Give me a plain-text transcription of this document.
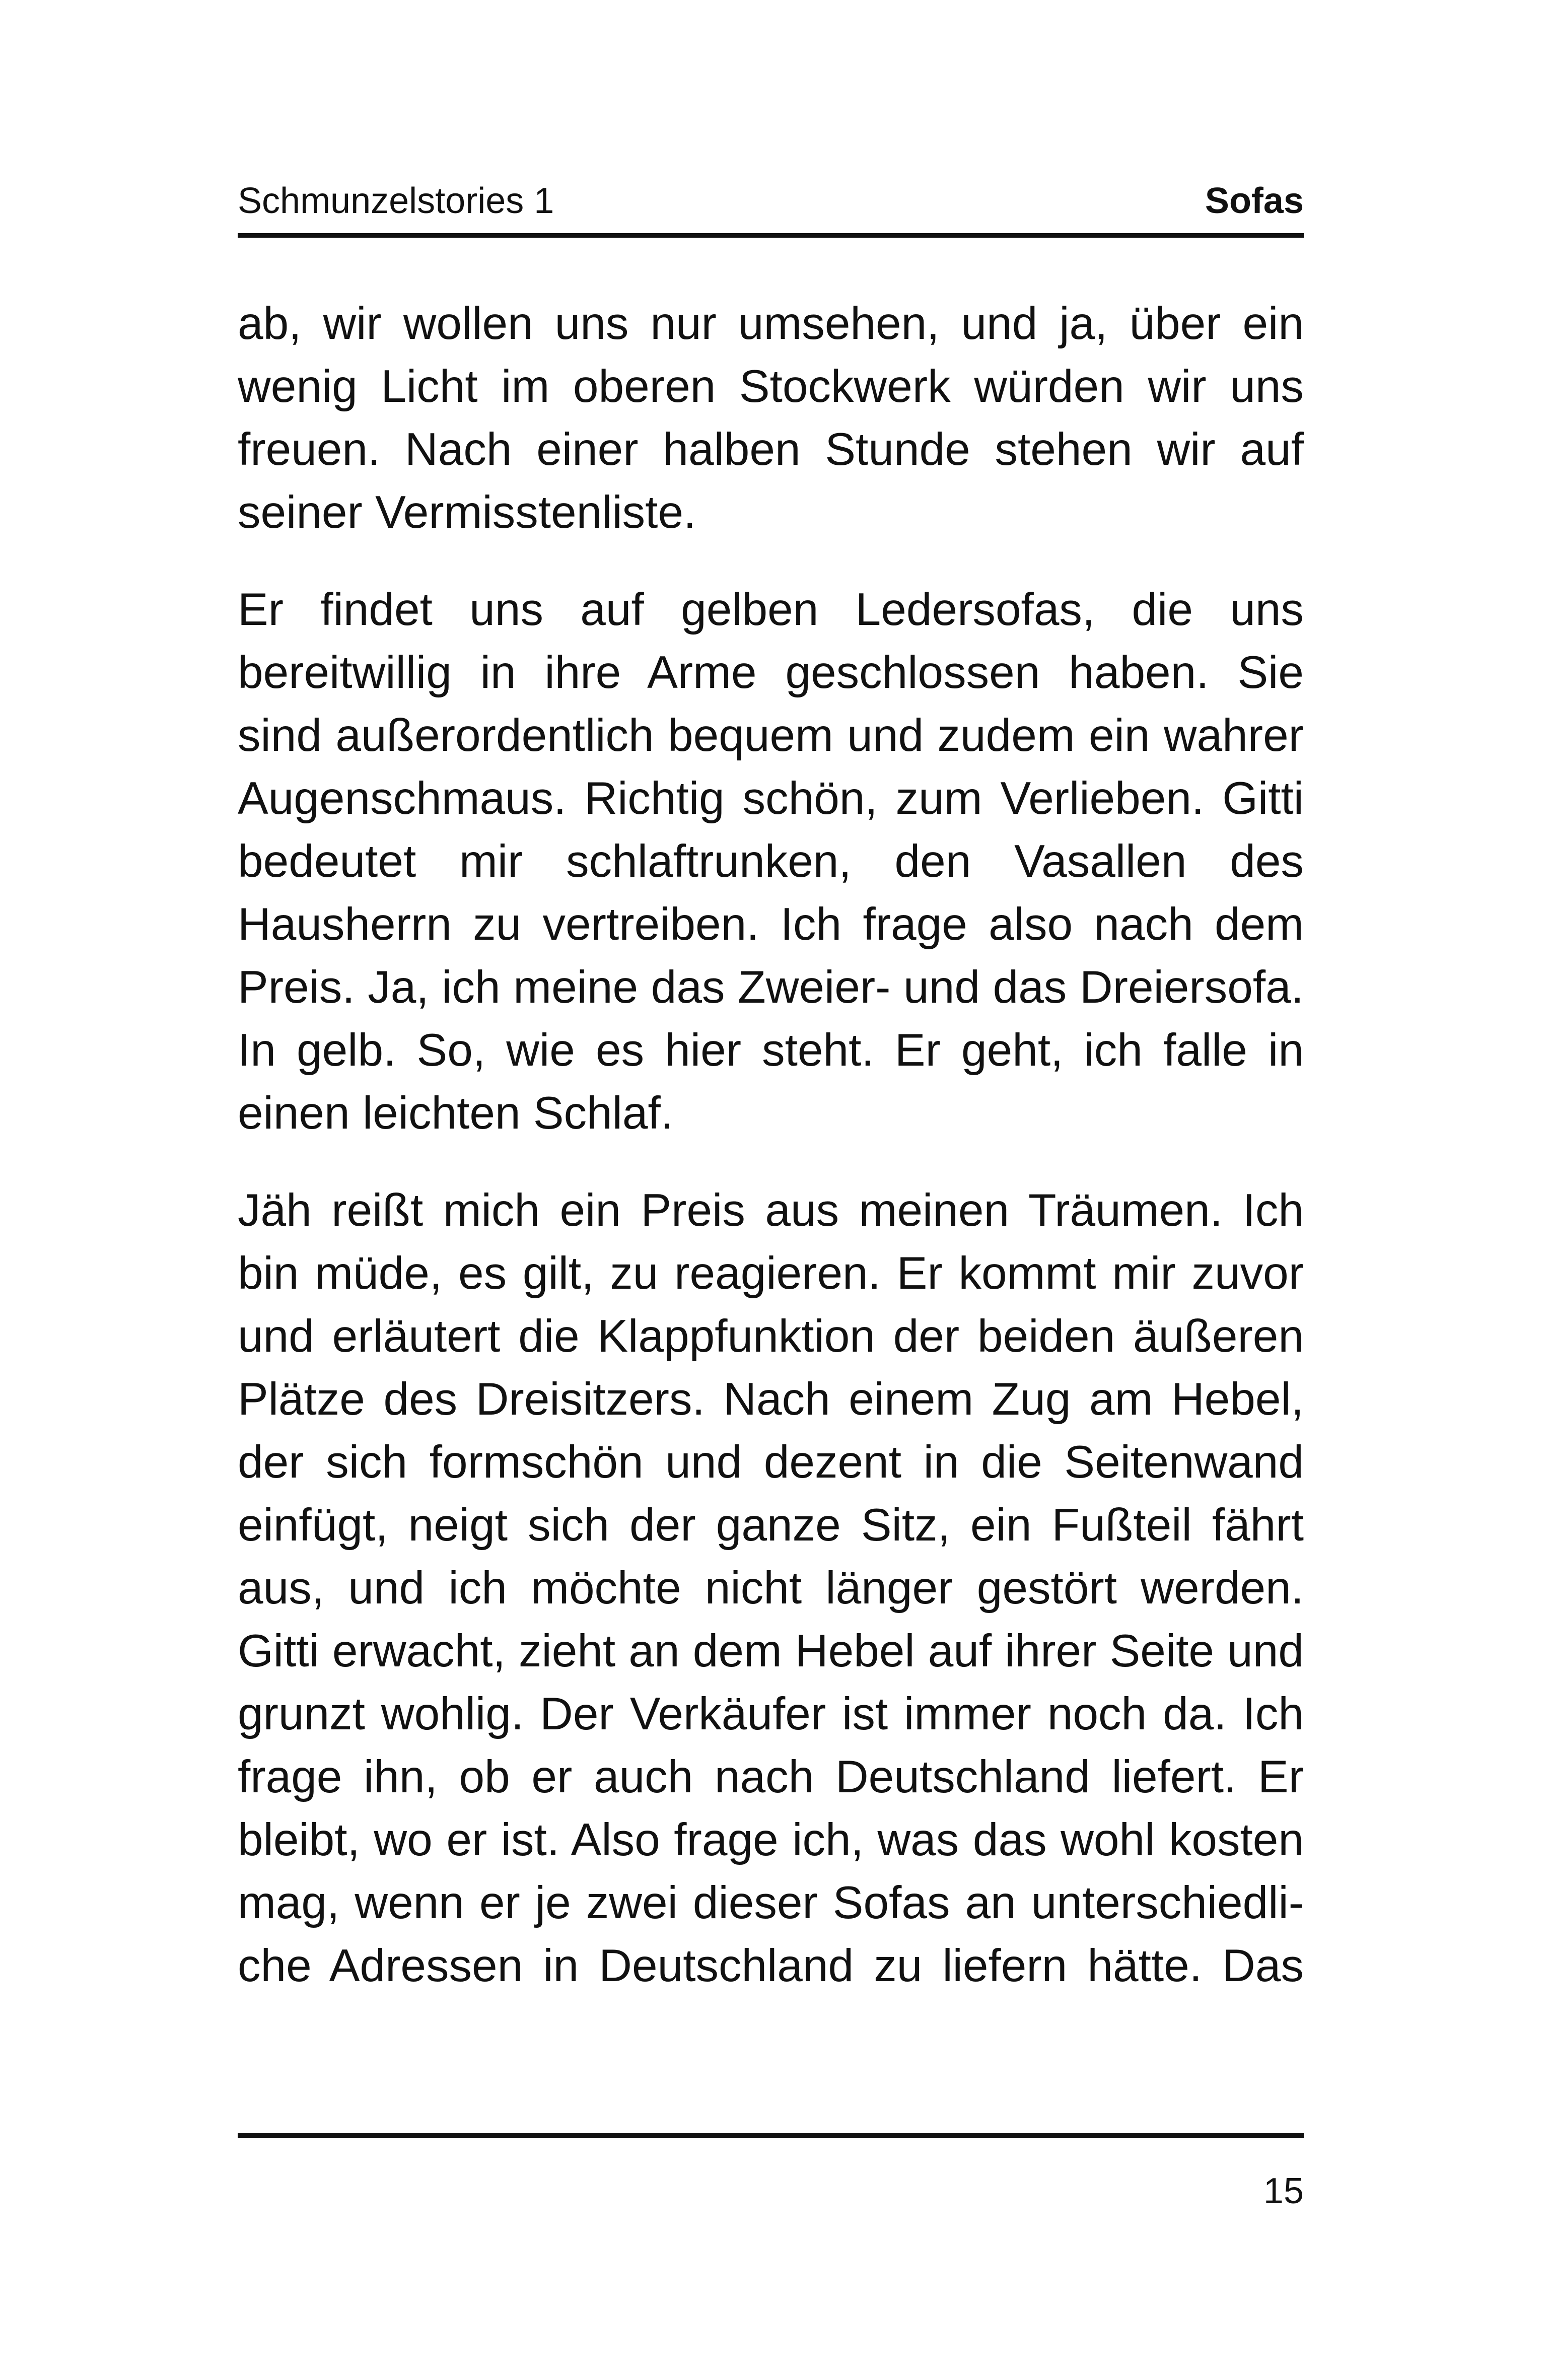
Schmunzelstories 1	Sofas

ab, wir wollen uns nur umsehen, und ja, über ein wenig Licht im oberen Stockwerk würden wir uns freuen. Nach einer halben Stunde stehen wir auf seiner Vermisstenliste.

Er findet uns auf gelben Ledersofas, die uns bereitwillig in ihre Arme geschlossen haben. Sie sind außerordentlich bequem und zudem ein wahrer Augenschmaus. Richtig schön, zum Verlieben. Gitti bedeutet mir schlaftrunken, den Vasallen des Hausherrn zu vertreiben. Ich frage also nach dem Preis. Ja, ich meine das Zweier- und das Dreiersofa. In gelb. So, wie es hier steht. Er geht, ich falle in einen leichten Schlaf.

Jäh reißt mich ein Preis aus meinen Träumen. Ich bin müde, es gilt, zu reagieren. Er kommt mir zuvor und erläutert die Klappfunktion der beiden äußeren Plätze des Dreisitzers. Nach einem Zug am Hebel, der sich formschön und dezent in die Seitenwand einfügt, neigt sich der ganze Sitz, ein Fußteil fährt aus, und ich möchte nicht länger gestört werden. Gitti erwacht, zieht an dem Hebel auf ihrer Seite und grunzt wohlig. Der Verkäufer ist immer noch da. Ich frage ihn, ob er auch nach Deutschland liefert. Er bleibt, wo er ist. Also frage ich, was das wohl kosten mag, wenn er je zwei dieser Sofas an unterschiedli-che Adressen in Deutschland zu liefern hätte. Das

15
